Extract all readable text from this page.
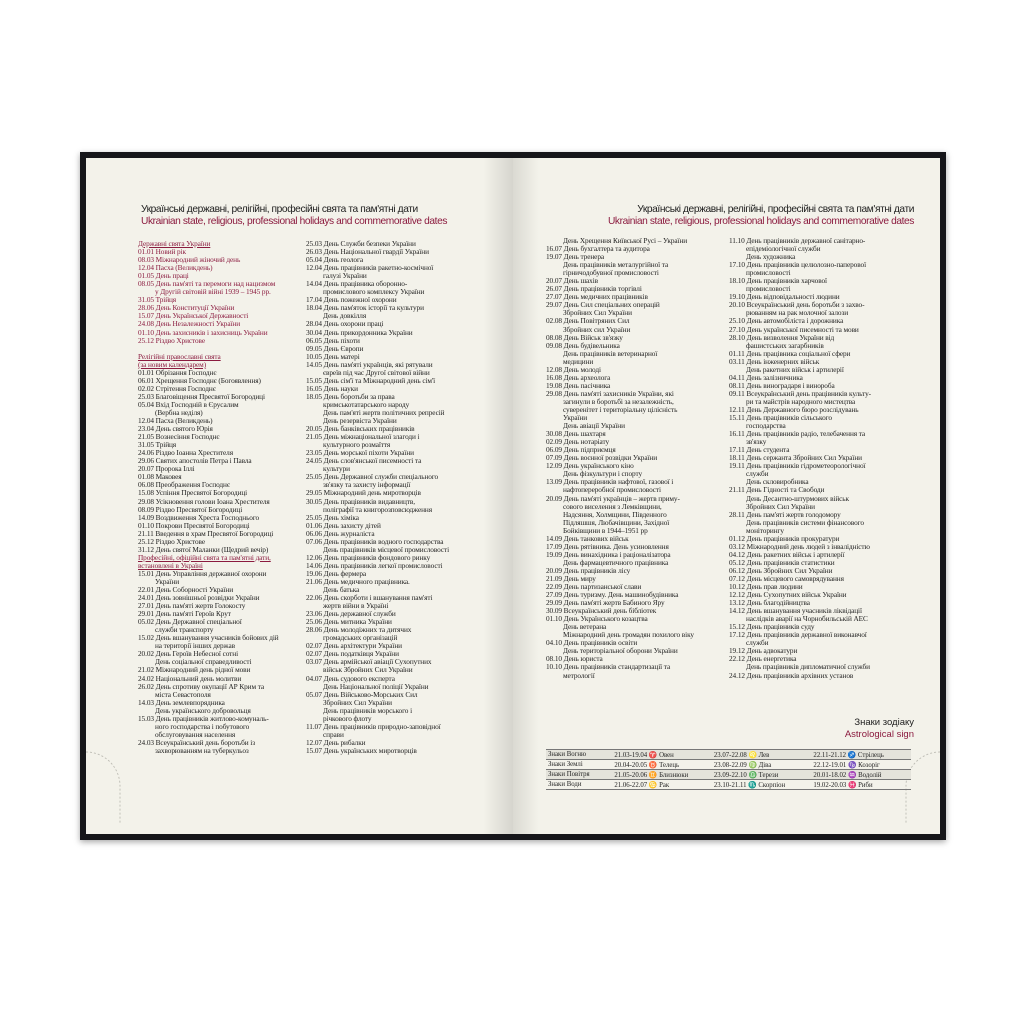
Українські державні, релігійні, професійні свята та пам'ятні дати
Ukrainian state, religious, professional holidays and commemorative dates
Державні свята України
01.01 Новий рік
08.03 Міжнародний жіночий день
12.04 Пасха (Великдень)
01.05 День праці
08.05 День пам'яті та перемоги над нацизмом
у Другій світовій війні 1939 – 1945 рр.
31.05 Трійця
28.06 День Конституції України
15.07 День Української Державності
24.08 День Незалежності України
01.10 День захисників і захисниць України
25.12 Різдво Христове
Релігійні православні свята
(за новим календарем)
01.01 Обрізання Господнє
06.01 Хрещення Господнє (Богоявлення)
02.02 Стрітення Господнє
25.03 Благовіщення Пресвятої Богородиці
05.04 Вхід Господній в Єрусалим
(Вербна неділя)
12.04 Пасха (Великдень)
23.04 День святого Юрія
21.05 Вознесіння Господнє
31.05 Трійця
24.06 Різдво Іоанна Хрестителя
29.06 Святих апостолів Петра і Павла
20.07 Пророка Іллі
01.08 Маковея
06.08 Преображення Господнє
15.08 Успіння Пресвятої Богородиці
29.08 Усікновення голови Іоана Хрестителя
08.09 Різдво Пресвятої Богородиці
14.09 Воздвиження Хреста Господнього
01.10 Покрови Пресвятої Богородиці
21.11 Введення в храм Пресвятої Богородиці
25.12 Різдво Христове
31.12 День святої Маланки (Щедрий вечір)
Професійні, офіційні свята та пам'ятні дати,
встановлені в Україні
15.01 День Управління державної охорони
України
22.01 День Соборності України
24.01 День зовнішньої розвідки України
27.01 День пам'яті жертв Голокосту
29.01 День пам'яті Героїв Крут
05.02 День Державної спеціальної
служби транспорту
15.02 День вшанування учасників бойових дій
на території інших держав
20.02 День Героїв Небесної сотні
День соціальної справедливості
21.02 Міжнародний день рідної мови
24.02 Національний день молитви
26.02 День спротиву окупації АР Крим та
міста Севастополя
14.03 День землевпорядника
День українського добровольця
15.03 День працівників житлово-комуналь-
ного господарства і побутового
обслуговування населення
24.03 Всеукраїнський день боротьби із
захворюванням на туберкульоз
25.03 День Служби безпеки України
26.03 День Національної гвардії України
05.04 День геолога
12.04 День працівників ракетно-космічної
галузі України
14.04 День працівника оборонно-
промислового комплексу України
17.04 День пожежної охорони
18.04 День пам'яток історії та культури
День довкілля
28.04 День охорони праці
30.04 День прикордонника України
06.05 День піхоти
09.05 День Європи
10.05 День матері
14.05 День пам'яті українців, які рятували
євреїв під час Другої світової війни
15.05 День сім'ї та Міжнародний день сім'ї
16.05 День науки
18.05 День боротьби за права
кримськотатарського народу
День пам'яті жертв політичних репресій
День резервіста України
20.05 День банківських працівників
21.05 День міжнаціональної злагоди і
культурного розмаїття
23.05 День морської піхоти України
24.05 День слов'янської писемності та
культури
25.05 День Державної служби спеціального
зв'язку та захисту інформації
29.05 Міжнародний день миротворців
30.05 День працівників видавництв,
поліграфії та книгорозповсюдження
25.05 День хіміка
01.06 День захисту дітей
06.06 День журналіста
07.06 День працівників водного господарства
День працівників місцевої промисловості
12.06 День працівників фондового ринку
14.06 День працівників легкої промисловості
19.06 День фермера
21.06 День медичного працівника.
День батька
22.06 День скорботи і вшанування пам'яті
жертв війни в Україні
23.06 День державної служби
25.06 День митника України
28.06 День молодіжних та дитячих
громадських організацій
02.07 День архітектури України
02.07 День податківця України
03.07 День армійської авіації Сухопутних
військ Збройних Сил України
04.07 День судового експерта
День Національної поліції України
05.07 День Військово-Морських Сил
Збройних Сил України
День працівників морського і
річкового флоту
11.07 День працівників природно-заповідної
справи
12.07 День рибалки
15.07 День українських миротворців
Українські державні, релігійні, професійні свята та пам'ятні дати
Ukrainian state, religious, professional holidays and commemorative dates
День Хрещення Київської Русі – України
16.07 День бухгалтера та аудитора
19.07 День тренера
День працівників металургійної та
гірничодобувної промисловості
20.07 День шахів
26.07 День працівників торгівлі
27.07 День медичних працівників
29.07 День Сил спеціальних операцій
Збройних Сил України
02.08 День Повітряних Сил
Збройних сил України
08.08 День Військ зв'язку
09.08 День будівельника
День працівників ветеринарної
медицини
12.08 День молоді
16.08 День археолога
19.08 День пасічника
29.08 День пам'яті захисників України, які
загинули в боротьбі за незалежність,
суверенітет і територіальну цілісність
України
День авіації України
30.08 День шахтаря
02.09 День нотаріату
06.09 День підприємця
07.09 День воєнної розвідки України
12.09 День українського кіно
День фізкультури і спорту
13.09 День працівників нафтової, газової і
нафтопереробної промисловості
20.09 День пам'яті українців – жертв приму-
сового виселення з Лемківщини,
Надсяння, Холмщини, Південного
Підляшшя, Любачівщини, Західної
Бойківщини в 1944–1951 рр
14.09 День танкових військ
17.09 День рятівника. День усиновлення
19.09 День винахідника і раціоналізатора
День фармацевтичного працівника
20.09 День працівників лісу
21.09 День миру
22.09 День партизанської слави
27.09 День туризму. День машинобудівника
29.09 День пам'яті жертв Бабиного Яру
30.09 Всеукраїнський день бібліотек
01.10 День Українського козацтва
День ветерана
Міжнародний день громадян похилого віку
04.10 День працівників освіти
День територіальної оборони України
08.10 День юриста
10.10 День працівників стандартизації та
метрології
11.10 День працівників державної санітарно-
епідеміологічної служби
День художника
17.10 День працівників целюлозно-паперової
промисловості
18.10 День працівників харчової
промисловості
19.10 День відповідальності людини
20.10 Всеукраїнський день боротьби з захво-
рюванням на рак молочної залози
25.10 День автомобіліста і дорожника
27.10 День української писемності та мови
28.10 День визволення України від
фашистських загарбників
01.11 День працівника соціальної сфери
03.11 День інженерних військ
День ракетних військ і артилерії
04.11 День залізничника
08.11 День виноградаря і винороба
09.11 Всеукраїнський день працівників культу-
ри та майстрів народного мистецтва
12.11 День Державного бюро розслідувань
15.11 День працівників сільського
господарства
16.11 День працівників радіо, телебачення та
зв'язку
17.11 День студента
18.11 День сержанта Збройних Сил України
19.11 День працівників гідрометеорологічної
служби
День скловиробника
21.11 День Гідності та Свободи
День Десантно-штурмових військ
Збройних Сил України
28.11 День пам'яті жертв голодомору
День працівників системи фінансового
моніторингу
01.12 День працівників прокуратури
03.12 Міжнародний день людей з інвалідністю
04.12 День ракетних військ і артилерії
05.12 День працівників статистики
06.12 День Збройних Сил України
07.12 День місцевого самоврядування
10.12 День прав людини
12.12 День Сухопутних військ України
13.12 День благодійництва
14.12 День вшанування учасників ліквідації
наслідків аварії на Чорнобильській АЕС
15.12 День працівників суду
17.12 День працівників державної виконавчої
служби
19.12 День адвокатури
22.12 День енергетика
День працівників дипломатичної служби
24.12 День працівників архівних установ
Знаки зодіаку
Astrological sign
Знаки Вогню	21.03-19.04 ♈ Овен	23.07-22.08 ♌ Лев	22.11-21.12 ♐ Стрілець
Знаки Землі	20.04-20.05 ♉ Телець	23.08-22.09 ♍ Діва	22.12-19.01 ♑ Козоріг
Знаки Повітря	21.05-20.06 ♊ Близнюки	23.09-22.10 ♎ Терези	20.01-18.02 ♒ Водолій
Знаки Води	21.06-22.07 ♋ Рак	23.10-21.11 ♏ Скорпіон	19.02-20.03 ♓ Риби
